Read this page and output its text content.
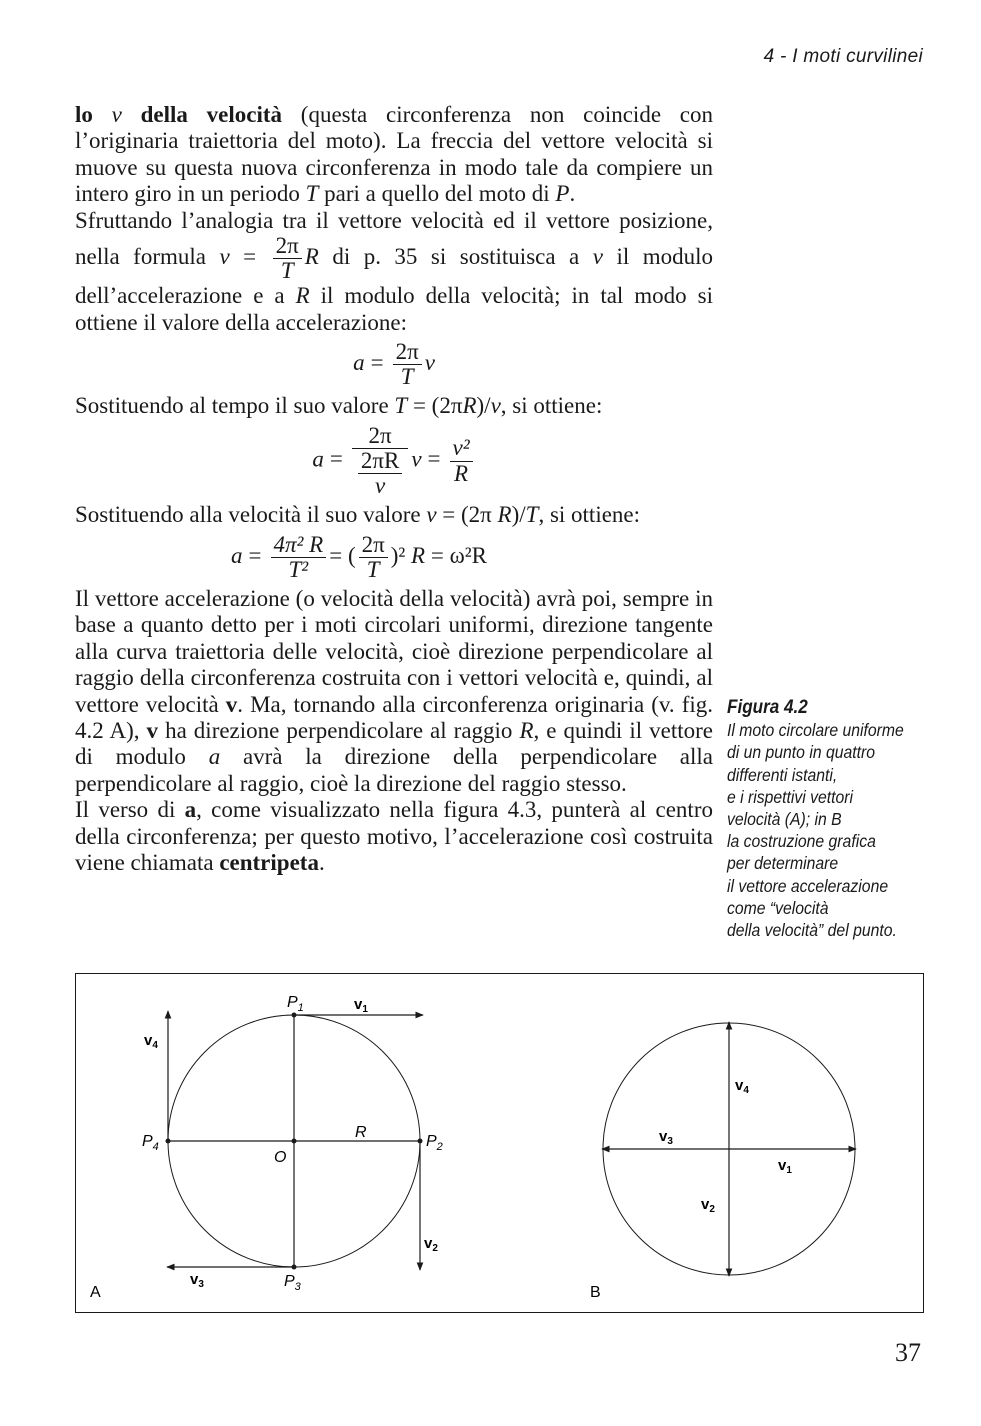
4 - I moti curvilinei

lo v della velocità (questa circonferenza non coincide con l’originaria traiettoria del moto). La freccia del vettore velocità si muove su questa nuova circonferenza in modo tale da compiere un intero giro in un periodo T pari a quello del moto di P.

Sfruttando l’analogia tra il vettore velocità ed il vettore posizione, nella formula $v = \frac{2\pi}{T}$ R di p. 35 si sostituisca a v il modulo dell’accelerazione e a R il modulo della velocità; in tal modo si ottiene il valore della accelerazione:

$a = \frac{2\pi}{T}$ v

Sostituendo al tempo il suo valore T = (2πR)/v, si ottiene:

$a = \frac{2\pi}{\frac{2\pi R}{v}}$ $v = \frac{\text{v²}}{R}$

Sostituendo alla velocità il suo valore v = (2π R)/T, si ottiene:

$a = \frac{\text{4π² R}}{\text{T²}}$ = ( $\frac{2\pi}{T} )^2$ R = ω²R

Il vettore accelerazione (o velocità della velocità) avrà poi, sempre in base a quanto detto per i moti circolari uniformi, direzione tangente alla curva traiettoria delle velocità, cioè direzione perpendicolare al raggio della circonferenza costruita con i vettori velocità e, quindi, al vettore velocità v. Ma, tornando alla circonferenza originaria (v. fig. 4.2 A), v ha direzione perpendicolare al raggio R, e quindi il vettore di modulo a avrà la direzione della perpendicolare alla perpendicolare al raggio, cioè la direzione del raggio stesso.

Il verso di a, come visualizzato nella figura 4.3, punterà al centro della circonferenza; per questo motivo, l’accelerazione così costruita viene chiamata centripeta.

Figura 4.2
Il moto circolare uniforme
di un punto in quattro
differenti istanti,
e i rispettivi vettori
velocità (A); in B
la costruzione grafica
per determinare
il vettore accelerazione
come “velocità
della velocità” del punto.
$P_1$
$P_2$
$P_3$
$P_4$
O
R
$v_1$
$v_2$
$v_3$
$v_4$
A
$v_4$
$v_3$
$v_1$
$v_2$
B
37
